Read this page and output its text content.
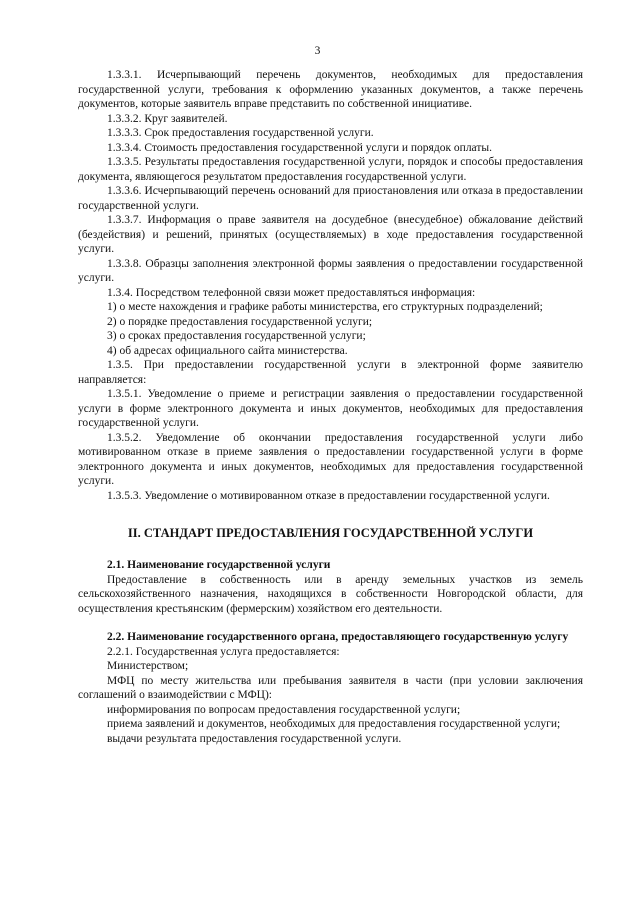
3

1.3.3.1. Исчерпывающий перечень документов, необходимых для предоставления государственной услуги, требования к оформлению указанных документов, а также перечень документов, которые заявитель вправе представить по собственной инициативе.

1.3.3.2. Круг заявителей.

1.3.3.3. Срок предоставления государственной услуги.

1.3.3.4. Стоимость предоставления государственной услуги и порядок оплаты.

1.3.3.5. Результаты предоставления государственной услуги, порядок и способы предоставления документа, являющегося результатом предоставления государственной услуги.

1.3.3.6. Исчерпывающий перечень оснований для приостановления или отказа в предоставлении государственной услуги.

1.3.3.7. Информация о праве заявителя на досудебное (внесудебное) обжалование действий (бездействия) и решений, принятых (осуществляемых) в ходе предоставления государственной услуги.

1.3.3.8. Образцы заполнения электронной формы заявления о предоставлении государственной услуги.

1.3.4. Посредством телефонной связи может предоставляться информация:

1) о месте нахождения и графике работы министерства, его структурных подразделений;

2) о порядке предоставления государственной услуги;

3) о сроках предоставления государственной услуги;

4) об адресах официального сайта министерства.

1.3.5. При предоставлении государственной услуги в электронной форме заявителю направляется:

1.3.5.1. Уведомление о приеме и регистрации заявления о предоставлении государственной услуги в форме электронного документа и иных документов, необходимых для предоставления государственной услуги.

1.3.5.2. Уведомление об окончании предоставления государственной услуги либо мотивированном отказе в приеме заявления о предоставлении государственной услуги в форме электронного документа и иных документов, необходимых для предоставления государственной услуги.

1.3.5.3. Уведомление о мотивированном отказе в предоставлении государственной услуги.

II. СТАНДАРТ ПРЕДОСТАВЛЕНИЯ ГОСУДАРСТВЕННОЙ УСЛУГИ

2.1. Наименование государственной услуги

Предоставление в собственность или в аренду земельных участков из земель сельскохозяйственного назначения, находящихся в собственности Новгородской области, для осуществления крестьянским (фермерским) хозяйством его деятельности.

2.2. Наименование государственного органа, предоставляющего государственную услугу

2.2.1. Государственная услуга предоставляется:

Министерством;

МФЦ по месту жительства или пребывания заявителя в части (при условии заключения соглашений о взаимодействии с МФЦ):

информирования по вопросам предоставления государственной услуги;

приема заявлений и документов, необходимых для предоставления государственной услуги;

выдачи результата предоставления государственной услуги.
